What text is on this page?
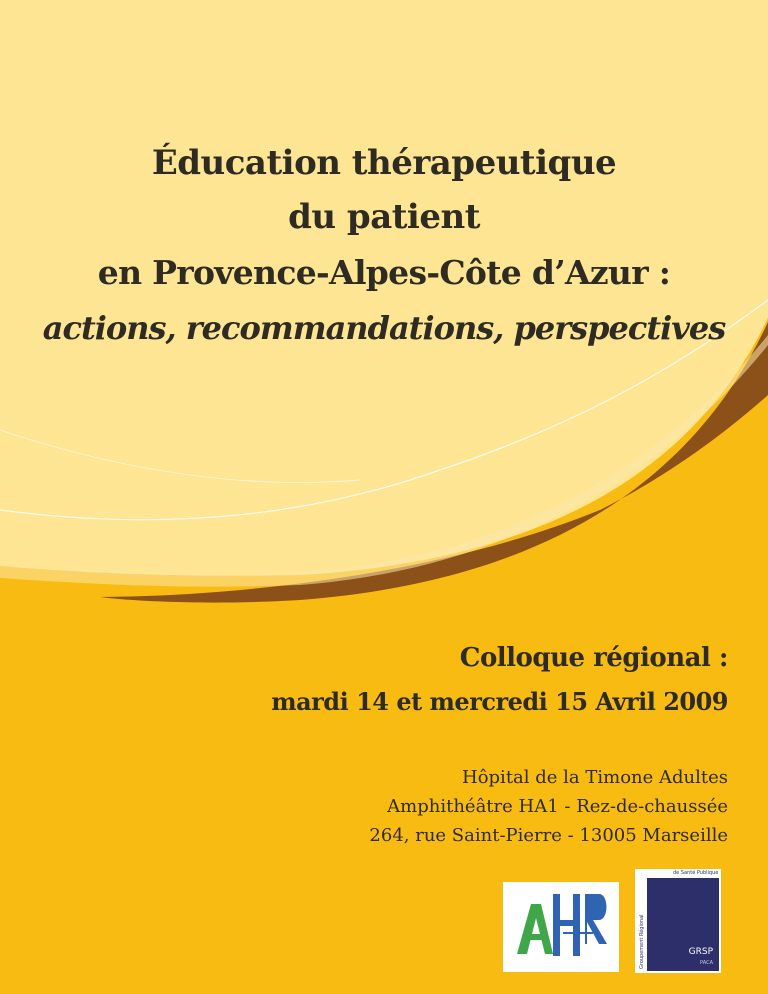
Éducation thérapeutique
du patient
en Provence-Alpes-Côte d’Azur :
actions, recommandations, perspectives
Colloque régional :
mardi 14 et mercredi 15 Avril 2009
Hôpital de la Timone Adultes
Amphithéâtre HA1 - Rez-de-chaussée
264, rue Saint-Pierre - 13005 Marseille
de Santé Publique
Groupement Régional	GRSP
PACA
